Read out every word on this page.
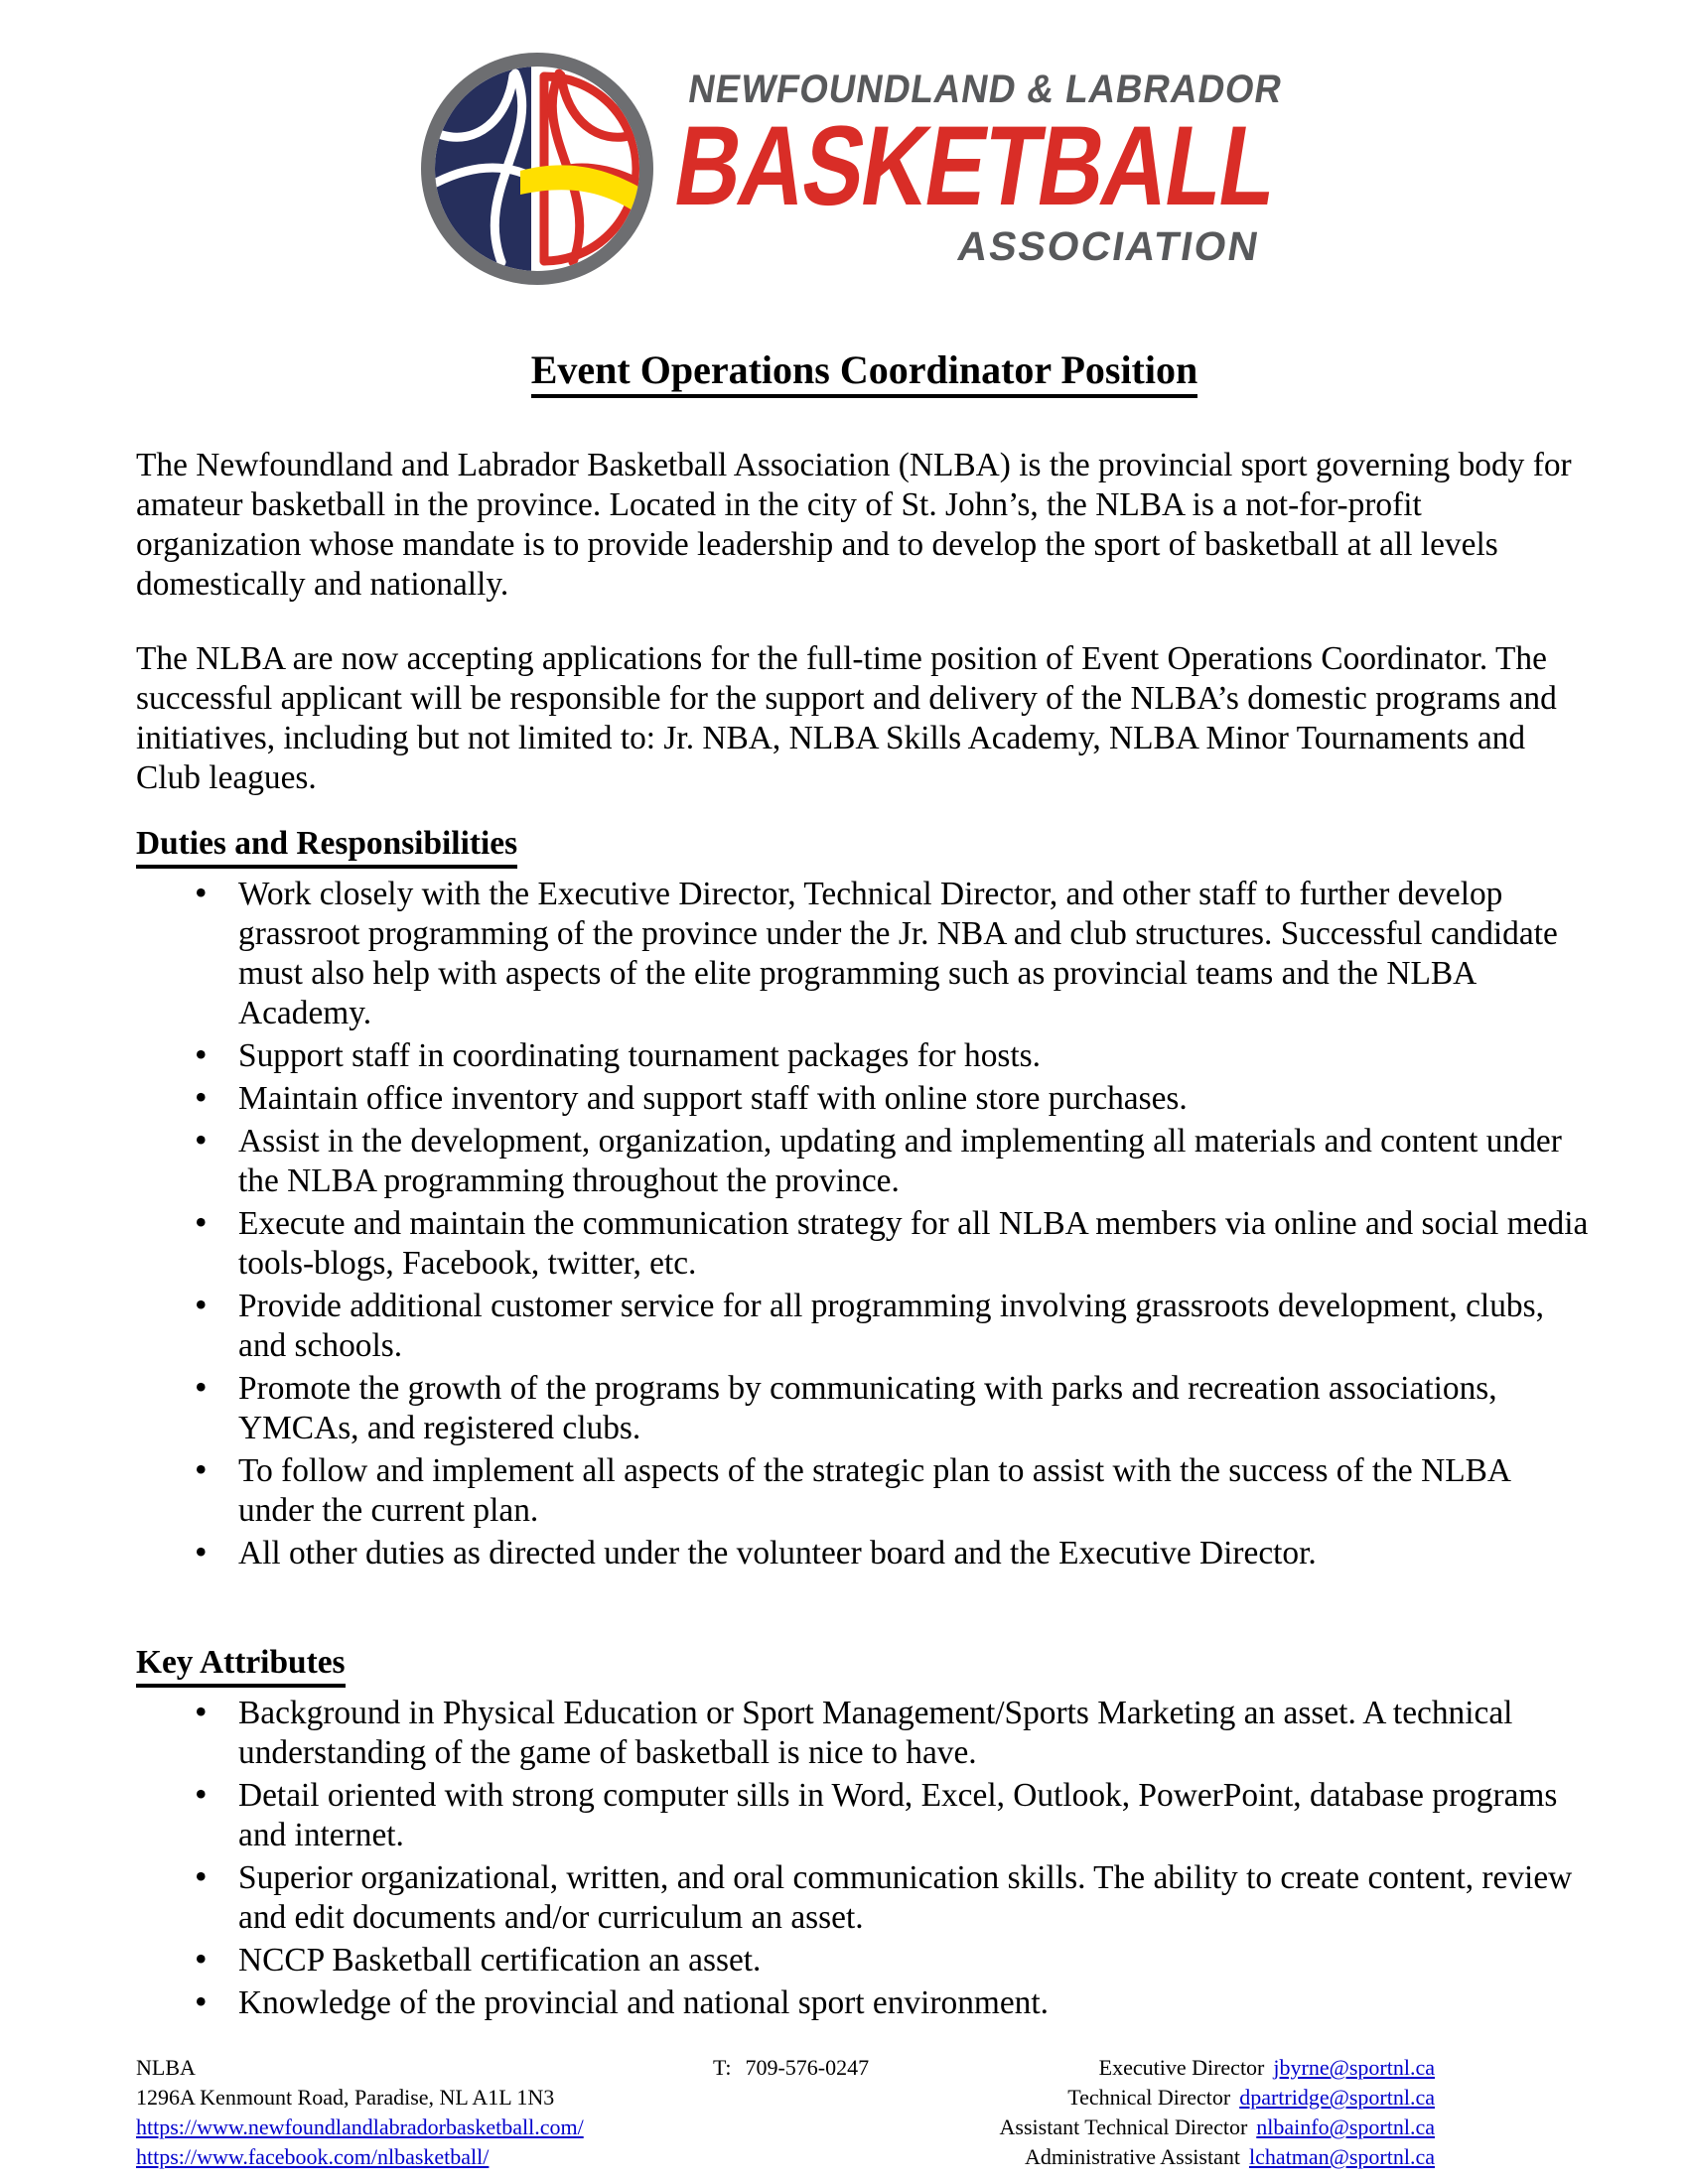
NEWFOUNDLAND & LABRADOR
BASKETBALL
ASSOCIATION
Event Operations Coordinator Position

The Newfoundland and Labrador Basketball Association (NLBA) is the provincial sport governing body for amateur basketball in the province. Located in the city of St. John’s, the NLBA is a not-for-profit organization whose mandate is to provide leadership and to develop the sport of basketball at all levels domestically and nationally.

The NLBA are now accepting applications for the full-time position of Event Operations Coordinator. The successful applicant will be responsible for the support and delivery of the NLBA’s domestic programs and initiatives, including but not limited to: Jr. NBA, NLBA Skills Academy, NLBA Minor Tournaments and Club leagues.

Duties and Responsibilities
• Work closely with the Executive Director, Technical Director, and other staff to further develop grassroot programming of the province under the Jr. NBA and club structures. Successful candidate must also help with aspects of the elite programming such as provincial teams and the NLBA Academy.
• Support staff in coordinating tournament packages for hosts.
• Maintain office inventory and support staff with online store purchases.
• Assist in the development, organization, updating and implementing all materials and content under the NLBA programming throughout the province.
• Execute and maintain the communication strategy for all NLBA members via online and social media tools-blogs, Facebook, twitter, etc.
• Provide additional customer service for all programming involving grassroots development, clubs, and schools.
• Promote the growth of the programs by communicating with parks and recreation associations, YMCAs, and registered clubs.
• To follow and implement all aspects of the strategic plan to assist with the success of the NLBA under the current plan.
• All other duties as directed under the volunteer board and the Executive Director.
Key Attributes
• Background in Physical Education or Sport Management/Sports Marketing an asset. A technical understanding of the game of basketball is nice to have.
• Detail oriented with strong computer sills in Word, Excel, Outlook, PowerPoint, database programs and internet.
• Superior organizational, written, and oral communication skills. The ability to create content, review and edit documents and/or curriculum an asset.
• NCCP Basketball certification an asset.
• Knowledge of the provincial and national sport environment.
NLBA
1296A Kenmount Road, Paradise, NL A1L 1N3
https://www.newfoundlandlabradorbasketball.com/
https://www.facebook.com/nlbasketball/
T: 709-576-0247	Executive Director jbyrne@sportnl.ca
Technical Director dpartridge@sportnl.ca
Assistant Technical Director nlbainfo@sportnl.ca
Administrative Assistant lchatman@sportnl.ca
